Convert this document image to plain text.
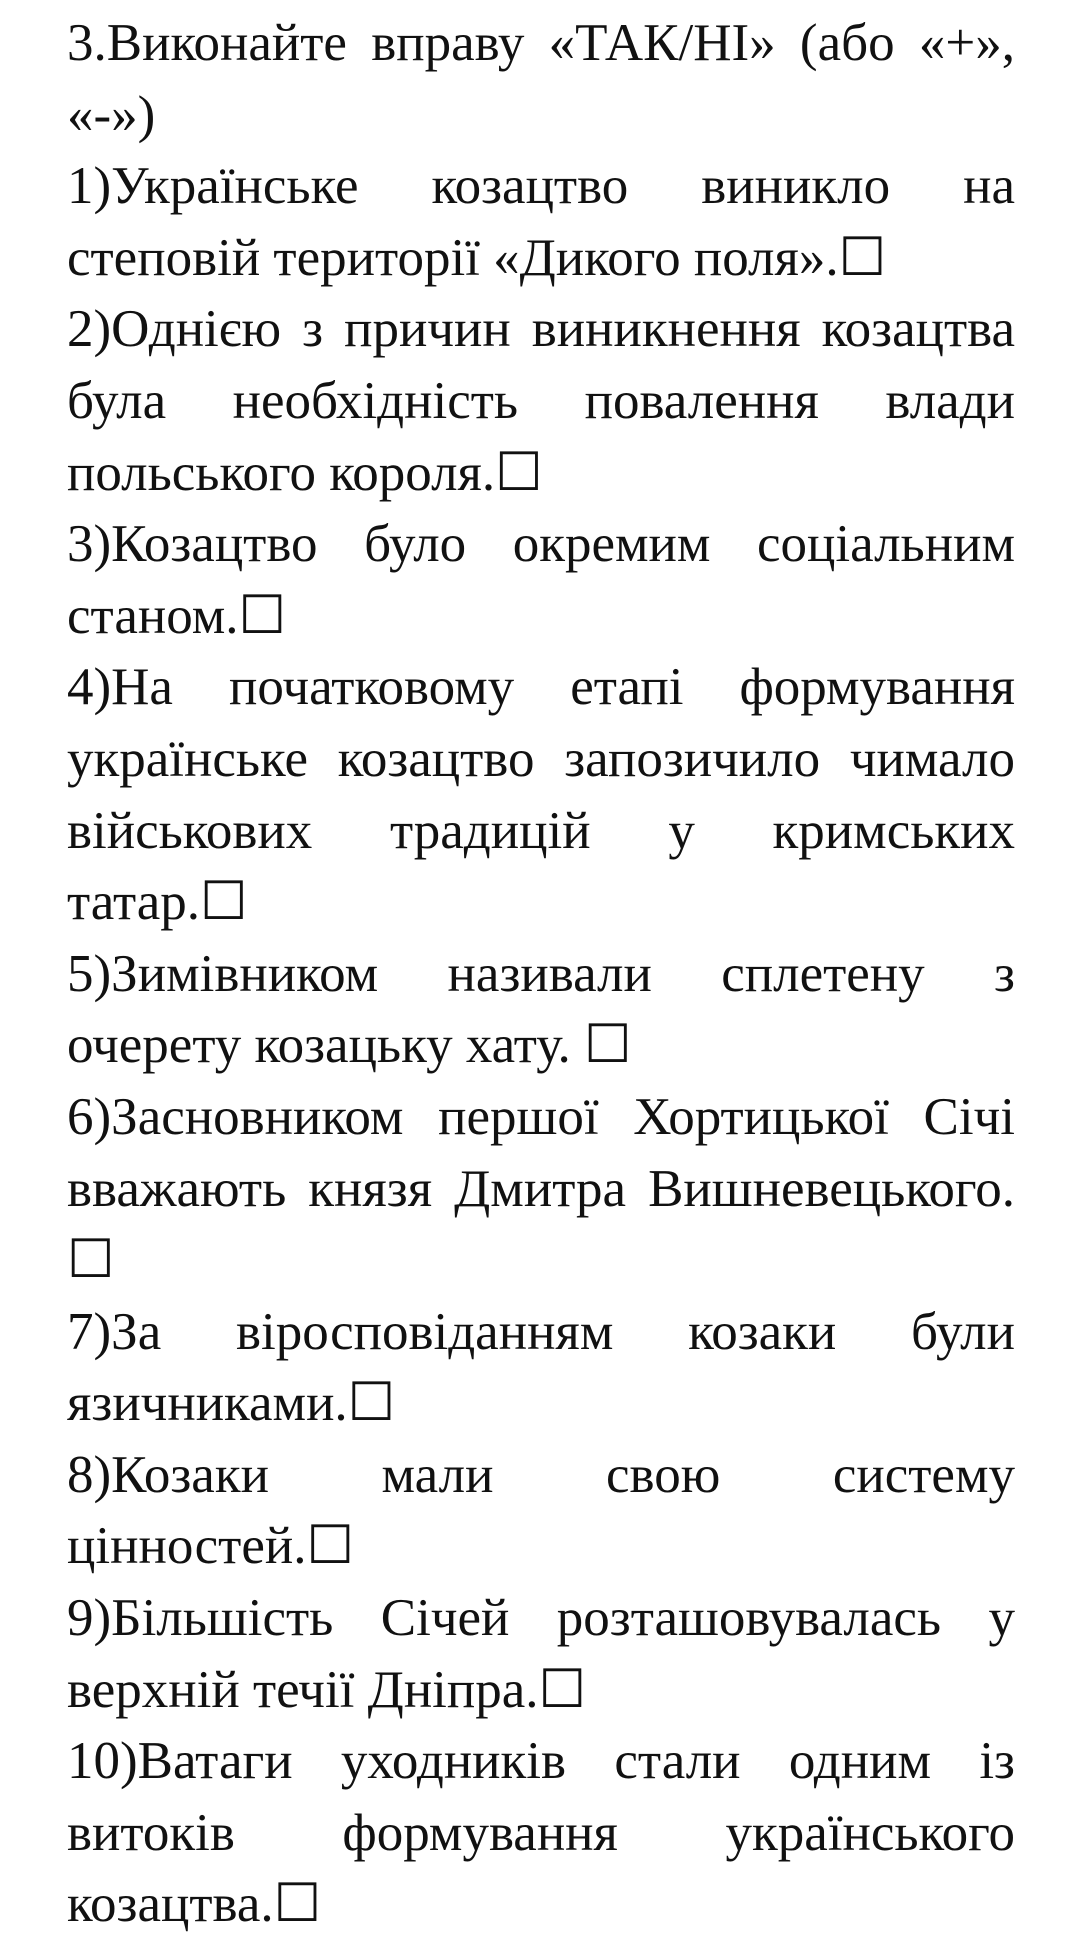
3.Виконайте вправу «ТАК/НІ» (або «+», «-»)

1)Українське козацтво виникло на степовій території «Дикого поля».☐

2)Однією з причин виникнення козацтва була необхідність повалення влади польського короля.☐

3)Козацтво було окремим соціальним станом.☐

4)На початковому етапі формування українське козацтво запозичило чимало військових традицій у кримських татар.☐

5)Зимівником називали сплетену з очерету козацьку хату. ☐

6)Засновником першої Хортицької Січі вважають князя Дмитра Вишневецького. ☐

7)За віросповіданням козаки були язичниками.☐

8)Козаки мали свою систему цінностей.☐

9)Більшість Січей розташовувалась у верхній течії Дніпра.☐

10)Ватаги уходників стали одним із витоків формування українського козацтва.☐
